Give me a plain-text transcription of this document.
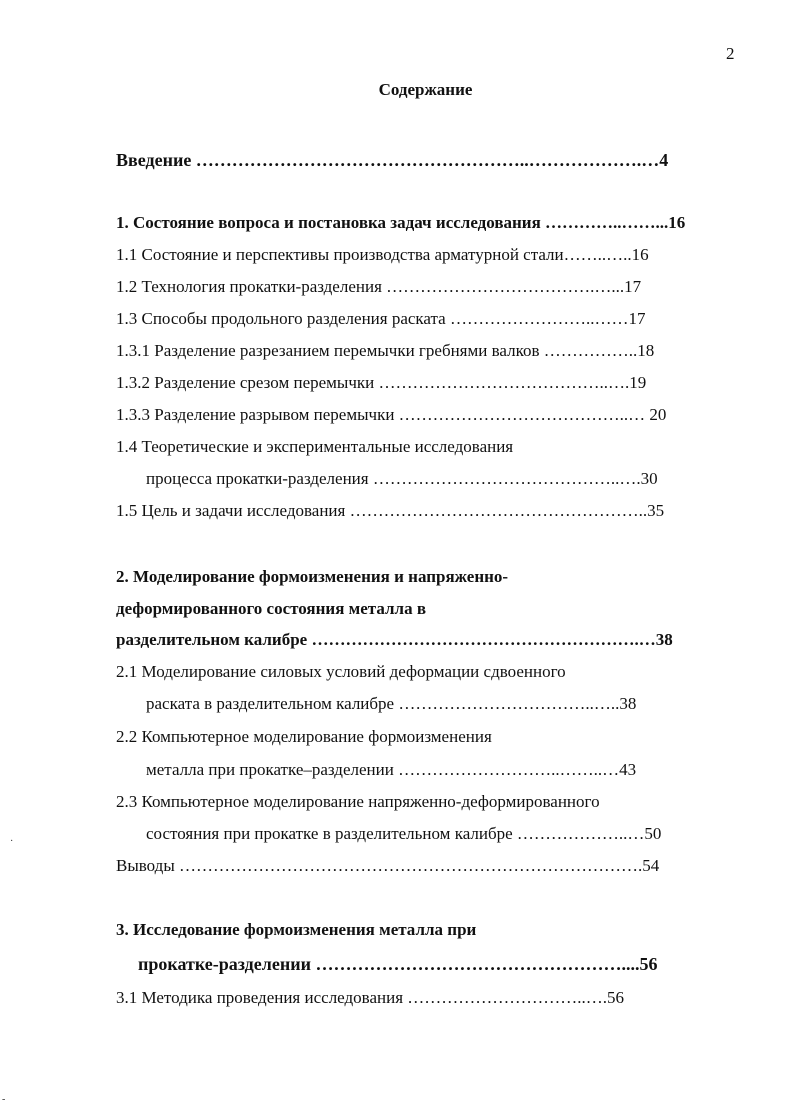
2
Содержание
Введение ………………………………………………..……………….…4
1. Состояние вопроса и постановка задач исследования …………..……...16
1.1 Состояние и перспективы производства арматурной стали……..…..16
1.2 Технология прокатки-разделения ……………………………….…...17
1.3 Способы продольного разделения раската ……………………..……17
1.3.1 Разделение разрезанием перемычки гребнями валков ……………..18
1.3.2 Разделение срезом перемычки …………………………………..….19
1.3.3 Разделение разрывом перемычки …………………………………..… 20
1.4 Теоретические и экспериментальные исследования
процесса прокатки-разделения ……………………………………..….30
1.5 Цель и задачи исследования ……………………………………………..35
2. Моделирование формоизменения и напряженно-
деформированного состояния металла в
разделительном калибре ………………………………………………….…38
2.1 Моделирование силовых условий деформации сдвоенного
раската в разделительном калибре ……………………………..…..38
2.2 Компьютерное моделирование формоизменения
металла при прокатке–разделении ………………………..……..…43
2.3 Компьютерное моделирование напряженно-деформированного
состояния при прокатке в разделительном калибре ………………..…50
Выводы ……………………………………………………………………….54
3. Исследование формоизменения металла при
прокатке-разделении ……………………………………………....56
3.1 Методика проведения исследования …………………………..….56
·
-
